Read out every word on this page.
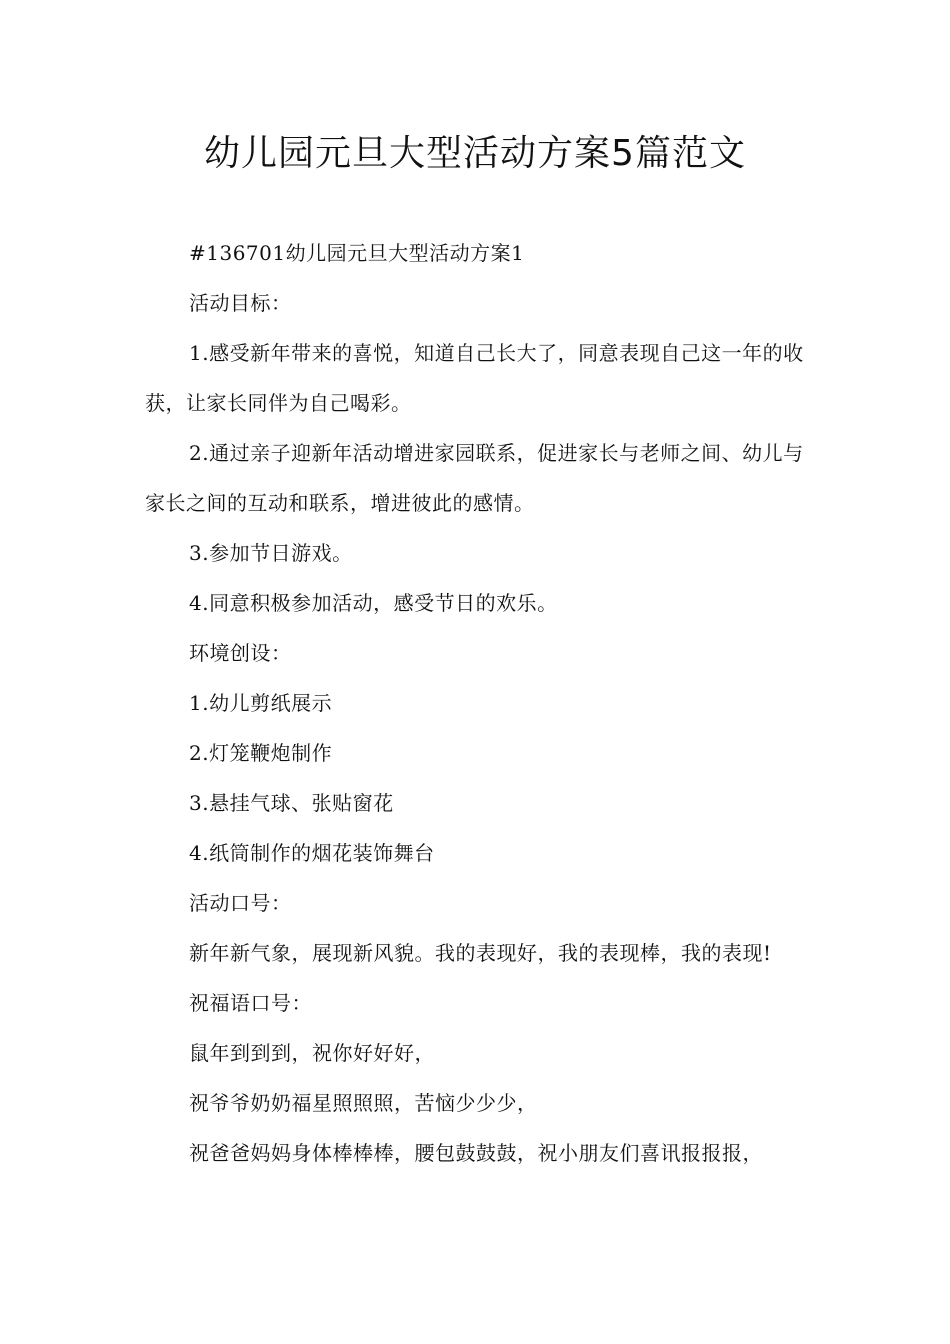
幼儿园元旦大型活动方案5篇范文

#136701幼儿园元旦大型活动方案1

活动目标：

1.感受新年带来的喜悦，知道自己长大了，同意表现自己这一年的收获，让家长同伴为自己喝彩。

2.通过亲子迎新年活动增进家园联系，促进家长与老师之间、幼儿与家长之间的互动和联系，增进彼此的感情。

3.参加节日游戏。

4.同意积极参加活动，感受节日的欢乐。

环境创设：

1.幼儿剪纸展示

2.灯笼鞭炮制作

3.悬挂气球、张贴窗花

4.纸筒制作的烟花装饰舞台

活动口号：

新年新气象，展现新风貌。我的表现好，我的表现棒，我的表现!

祝福语口号：

鼠年到到到，祝你好好好，

祝爷爷奶奶福星照照照，苦恼少少少，

祝爸爸妈妈身体棒棒棒，腰包鼓鼓鼓，祝小朋友们喜讯报报报，
